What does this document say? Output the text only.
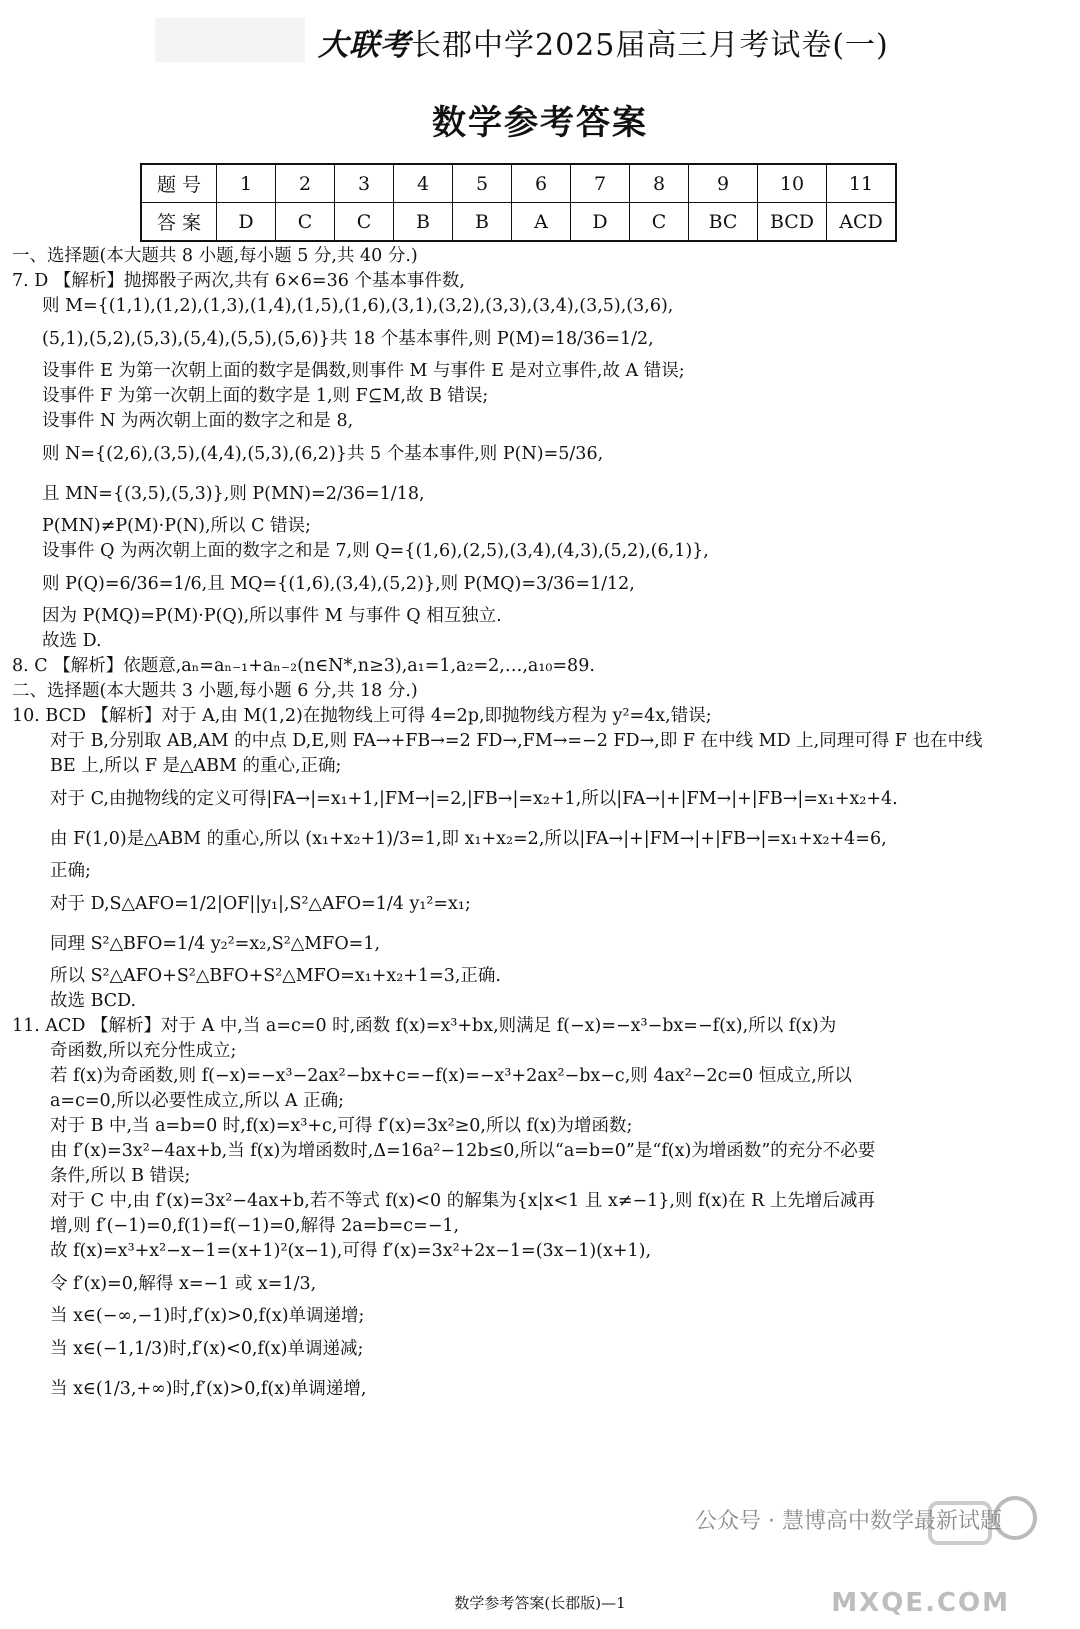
大联考长郡中学2025届高三月考试卷(一)
数学参考答案
题 号	1	2	3	4	5	6	7	8	9	10	11
答 案	D	C	C	B	B	A	D	C	BC	BCD	ACD
一、选择题(本大题共 8 小题,每小题 5 分,共 40 分.)
7. D 【解析】抛掷骰子两次,共有 6×6=36 个基本事件数,
则 M={(1,1),(1,2),(1,3),(1,4),(1,5),(1,6),(3,1),(3,2),(3,3),(3,4),(3,5),(3,6),
(5,1),(5,2),(5,3),(5,4),(5,5),(5,6)}共 18 个基本事件,则 P(M)=18/36=1/2,
设事件 E 为第一次朝上面的数字是偶数,则事件 M 与事件 E 是对立事件,故 A 错误;
设事件 F 为第一次朝上面的数字是 1,则 F⊆M,故 B 错误;
设事件 N 为两次朝上面的数字之和是 8,
则 N={(2,6),(3,5),(4,4),(5,3),(6,2)}共 5 个基本事件,则 P(N)=5/36,
且 MN={(3,5),(5,3)},则 P(MN)=2/36=1/18,
P(MN)≠P(M)·P(N),所以 C 错误;
设事件 Q 为两次朝上面的数字之和是 7,则 Q={(1,6),(2,5),(3,4),(4,3),(5,2),(6,1)},
则 P(Q)=6/36=1/6,且 MQ={(1,6),(3,4),(5,2)},则 P(MQ)=3/36=1/12,
因为 P(MQ)=P(M)·P(Q),所以事件 M 与事件 Q 相互独立.
故选 D.
8. C 【解析】依题意,aₙ=aₙ₋₁+aₙ₋₂(n∈N*,n≥3),a₁=1,a₂=2,…,a₁₀=89.
二、选择题(本大题共 3 小题,每小题 6 分,共 18 分.)
10. BCD 【解析】对于 A,由 M(1,2)在抛物线上可得 4=2p,即抛物线方程为 y²=4x,错误;
对于 B,分别取 AB,AM 的中点 D,E,则 FA→+FB→=2 FD→,FM→=−2 FD→,即 F 在中线 MD 上,同理可得 F 也在中线
BE 上,所以 F 是△ABM 的重心,正确;
对于 C,由抛物线的定义可得|FA→|=x₁+1,|FM→|=2,|FB→|=x₂+1,所以|FA→|+|FM→|+|FB→|=x₁+x₂+4.
由 F(1,0)是△ABM 的重心,所以 (x₁+x₂+1)/3=1,即 x₁+x₂=2,所以|FA→|+|FM→|+|FB→|=x₁+x₂+4=6,
正确;
对于 D,S△AFO=1/2|OF||y₁|,S²△AFO=1/4 y₁²=x₁;
同理 S²△BFO=1/4 y₂²=x₂,S²△MFO=1,
所以 S²△AFO+S²△BFO+S²△MFO=x₁+x₂+1=3,正确.
故选 BCD.
11. ACD 【解析】对于 A 中,当 a=c=0 时,函数 f(x)=x³+bx,则满足 f(−x)=−x³−bx=−f(x),所以 f(x)为
奇函数,所以充分性成立;
若 f(x)为奇函数,则 f(−x)=−x³−2ax²−bx+c=−f(x)=−x³+2ax²−bx−c,则 4ax²−2c=0 恒成立,所以
a=c=0,所以必要性成立,所以 A 正确;
对于 B 中,当 a=b=0 时,f(x)=x³+c,可得 f′(x)=3x²≥0,所以 f(x)为增函数;
由 f′(x)=3x²−4ax+b,当 f(x)为增函数时,Δ=16a²−12b≤0,所以“a=b=0”是“f(x)为增函数”的充分不必要
条件,所以 B 错误;
对于 C 中,由 f′(x)=3x²−4ax+b,若不等式 f(x)<0 的解集为{x|x<1 且 x≠−1},则 f(x)在 R 上先增后减再
增,则 f′(−1)=0,f(1)=f(−1)=0,解得 2a=b=c=−1,
故 f(x)=x³+x²−x−1=(x+1)²(x−1),可得 f′(x)=3x²+2x−1=(3x−1)(x+1),
令 f′(x)=0,解得 x=−1 或 x=1/3,
当 x∈(−∞,−1)时,f′(x)>0,f(x)单调递增;
当 x∈(−1,1/3)时,f′(x)<0,f(x)单调递减;
当 x∈(1/3,+∞)时,f′(x)>0,f(x)单调递增,
公众号 · 慧博高中数学最新试题
MXQE.COM
数学参考答案(长郡版)—1
